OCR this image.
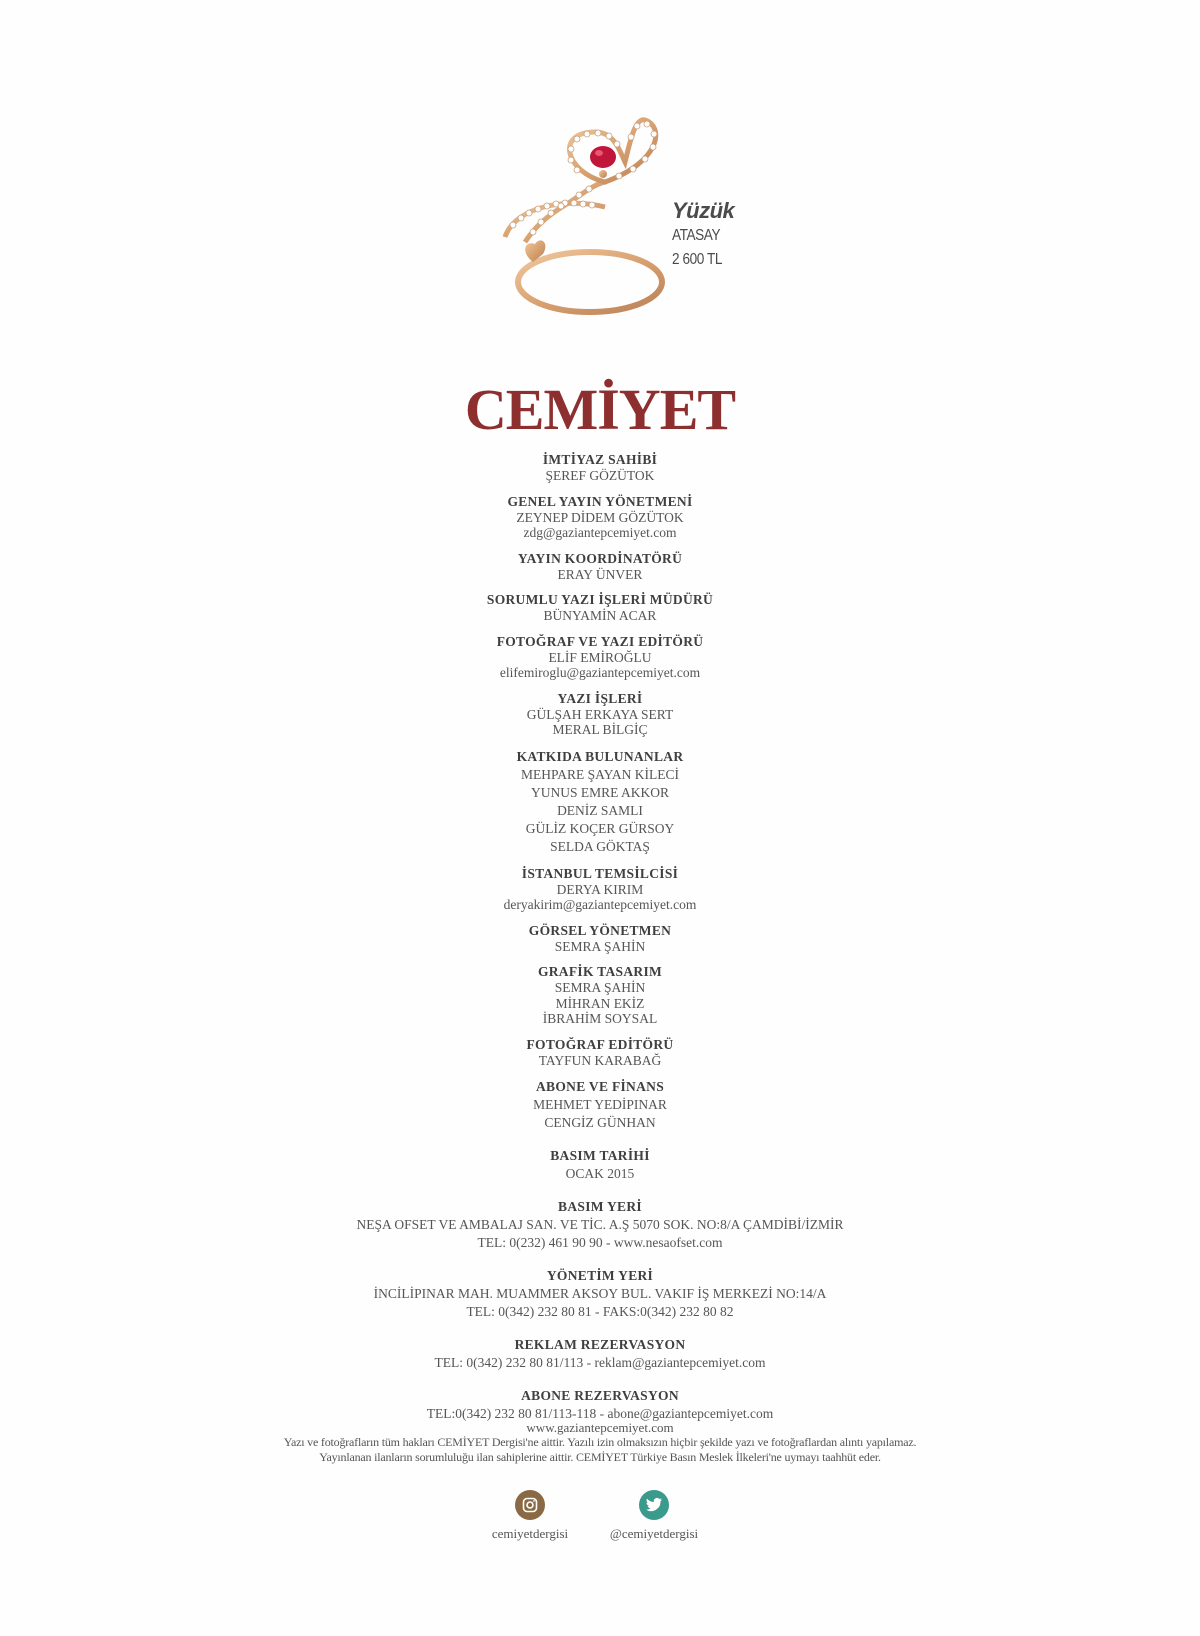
Yüzük
ATASAY
2 600 TL
CEMİYET
İMTİYAZ SAHİBİ
ŞEREF GÖZÜTOK
GENEL YAYIN YÖNETMENİ
ZEYNEP DİDEM GÖZÜTOK
zdg@gaziantepcemiyet.com
YAYIN KOORDİNATÖRÜ
ERAY ÜNVER
SORUMLU YAZI İŞLERİ MÜDÜRÜ
BÜNYAMİN ACAR
FOTOĞRAF VE YAZI EDİTÖRÜ
ELİF EMİROĞLU
elifemiroglu@gaziantepcemiyet.com
YAZI İŞLERİ
GÜLŞAH ERKAYA SERT
MERAL BİLGİÇ
KATKIDA BULUNANLAR
MEHPARE ŞAYAN KİLECİ
YUNUS EMRE AKKOR
DENİZ SAMLI
GÜLİZ KOÇER GÜRSOY
SELDA GÖKTAŞ
İSTANBUL TEMSİLCİSİ
DERYA KIRIM
deryakirim@gaziantepcemiyet.com
GÖRSEL YÖNETMEN
SEMRA ŞAHİN
GRAFİK TASARIM
SEMRA ŞAHİN
MİHRAN EKİZ
İBRAHİM SOYSAL
FOTOĞRAF EDİTÖRÜ
TAYFUN KARABAĞ
ABONE VE FİNANS
MEHMET YEDİPINAR
CENGİZ GÜNHAN
BASIM TARİHİ
OCAK 2015
BASIM YERİ
NEŞA OFSET VE AMBALAJ SAN. VE TİC. A.Ş 5070 SOK. NO:8/A ÇAMDİBİ/İZMİR
TEL: 0(232) 461 90 90 - www.nesaofset.com
YÖNETİM YERİ
İNCİLİPINAR MAH. MUAMMER AKSOY BUL. VAKIF İŞ MERKEZİ NO:14/A
TEL: 0(342) 232 80 81 - FAKS:0(342) 232 80 82
REKLAM REZERVASYON
TEL: 0(342) 232 80 81/113 - reklam@gaziantepcemiyet.com
ABONE REZERVASYON
TEL:0(342) 232 80 81/113-118 - abone@gaziantepcemiyet.com
www.gaziantepcemiyet.com
Yazı ve fotoğrafların tüm hakları CEMİYET Dergisi'ne aittir. Yazılı izin olmaksızın hiçbir şekilde yazı ve fotoğraflardan alıntı yapılamaz.
Yayınlanan ilanların sorumluluğu ilan sahiplerine aittir. CEMİYET Türkiye Basın Meslek İlkeleri'ne uymayı taahhüt eder.
cemiyetdergisi	@cemiyetdergisi
